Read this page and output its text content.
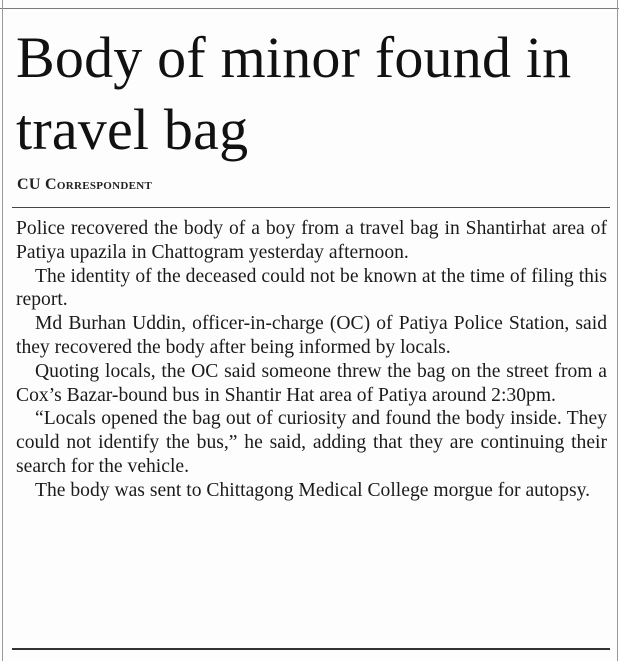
Body of minor found in travel bag
CU Correspondent

Police recovered the body of a boy from a travel bag in Shantirhat area of Patiya upazila in Chattogram yesterday afternoon.

The identity of the deceased could not be known at the time of filing this report.

Md Burhan Uddin, officer-in-charge (OC) of Patiya Police Station, said they recovered the body after being informed by locals.

Quoting locals, the OC said someone threw the bag on the street from a Cox’s Bazar-bound bus in Shantir Hat area of Patiya around 2:30pm.

“Locals opened the bag out of curiosity and found the body inside. They could not identify the bus,” he said, adding that they are continuing their search for the vehicle.

The body was sent to Chittagong Medical College morgue for autopsy.
